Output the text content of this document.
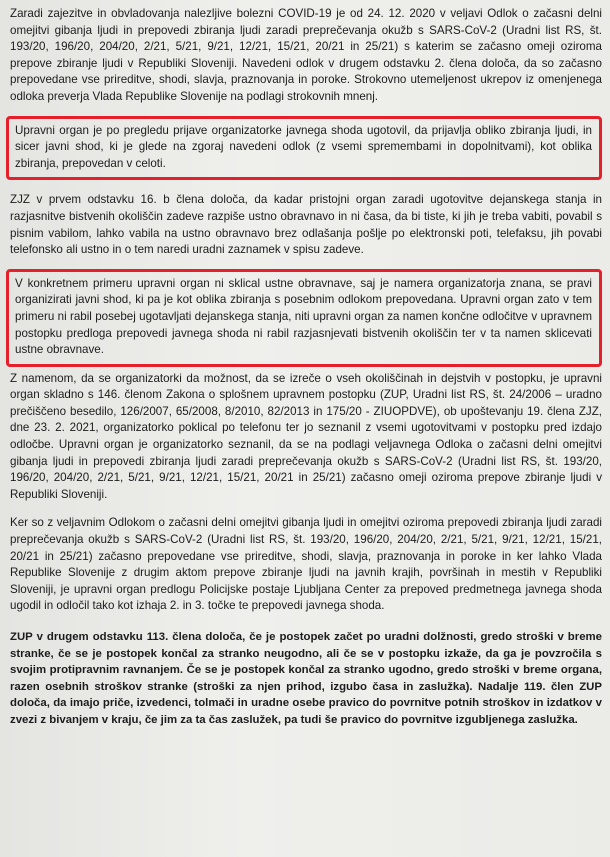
Zaradi zajezitve in obvladovanja nalezljive bolezni COVID-19 je od 24. 12. 2020 v veljavi Odlok o začasni delni omejitvi gibanja ljudi in prepovedi zbiranja ljudi zaradi preprečevanja okužb s SARS-CoV-2 (Uradni list RS, št. 193/20, 196/20, 204/20, 2/21, 5/21, 9/21, 12/21, 15/21, 20/21 in 25/21) s katerim se začasno omeji oziroma prepove zbiranje ljudi v Republiki Sloveniji. Navedeni odlok v drugem odstavku 2. člena določa, da so začasno prepovedane vse prireditve, shodi, slavja, praznovanja in poroke. Strokovno utemeljenost ukrepov iz omenjenega odloka preverja Vlada Republike Slovenije na podlagi strokovnih mnenj.

Upravni organ je po pregledu prijave organizatorke javnega shoda ugotovil, da prijavlja obliko zbiranja ljudi, in sicer javni shod, ki je glede na zgoraj navedeni odlok (z vsemi spremembami in dopolnitvami), kot oblika zbiranja, prepovedan v celoti.

ZJZ v prvem odstavku 16. b člena določa, da kadar pristojni organ zaradi ugotovitve dejanskega stanja in razjasnitve bistvenih okoliščin zadeve razpiše ustno obravnavo in ni časa, da bi tiste, ki jih je treba vabiti, povabil s pisnim vabilom, lahko vabila na ustno obravnavo brez odlašanja pošlje po elektronski poti, telefaksu, jih povabi telefonsko ali ustno in o tem naredi uradni zaznamek v spisu zadeve.

V konkretnem primeru upravni organ ni sklical ustne obravnave, saj je namera organizatorja znana, se pravi organizirati javni shod, ki pa je kot oblika zbiranja s posebnim odlokom prepovedana. Upravni organ zato v tem primeru ni rabil posebej ugotavljati dejanskega stanja, niti upravni organ za namen končne odločitve v upravnem postopku predloga prepovedi javnega shoda ni rabil razjasnjevati bistvenih okoliščin ter v ta namen sklicevati ustne obravnave.

Z namenom, da se organizatorki da možnost, da se izreče o vseh okoliščinah in dejstvih v postopku, je upravni organ skladno s 146. členom Zakona o splošnem upravnem postopku (ZUP, Uradni list RS, št. 24/2006 – uradno prečiščeno besedilo, 126/2007, 65/2008, 8/2010, 82/2013 in 175/20 - ZIUOPDVE), ob upoštevanju 19. člena ZJZ, dne 23. 2. 2021, organizatorko poklical po telefonu ter jo seznanil z vsemi ugotovitvami v postopku pred izdajo odločbe. Upravni organ je organizatorko seznanil, da se na podlagi veljavnega Odloka o začasni delni omejitvi gibanja ljudi in prepovedi zbiranja ljudi zaradi preprečevanja okužb s SARS-CoV-2 (Uradni list RS, št. 193/20, 196/20, 204/20, 2/21, 5/21, 9/21, 12/21, 15/21, 20/21 in 25/21) začasno omeji oziroma prepove zbiranje ljudi v Republiki Sloveniji.

Ker so z veljavnim Odlokom o začasni delni omejitvi gibanja ljudi in omejitvi oziroma prepovedi zbiranja ljudi zaradi preprečevanja okužb s SARS-CoV-2 (Uradni list RS, št. 193/20, 196/20, 204/20, 2/21, 5/21, 9/21, 12/21, 15/21, 20/21 in 25/21) začasno prepovedane vse prireditve, shodi, slavja, praznovanja in poroke in ker lahko Vlada Republike Slovenije z drugim aktom prepove zbiranje ljudi na javnih krajih, površinah in mestih v Republiki Sloveniji, je upravni organ predlogu Policijske postaje Ljubljana Center za prepoved predmetnega javnega shoda ugodil in odločil tako kot izhaja 2. in 3. točke te prepovedi javnega shoda.

ZUP v drugem odstavku 113. člena določa, če je postopek začet po uradni dolžnosti, gredo stroški v breme stranke, če se je postopek končal za stranko neugodno, ali če se v postopku izkaže, da ga je povzročila s svojim protipravnim ravnanjem. Če se je postopek končal za stranko ugodno, gredo stroški v breme organa, razen osebnih stroškov stranke (stroški za njen prihod, izgubo časa in zaslužka). Nadalje 119. člen ZUP določa, da imajo priče, izvedenci, tolmači in uradne osebe pravico do povrnitve potnih stroškov in izdatkov v zvezi z bivanjem v kraju, če jim za ta čas zaslužek, pa tudi še pravico do povrnitve izgubljenega zaslužka.
